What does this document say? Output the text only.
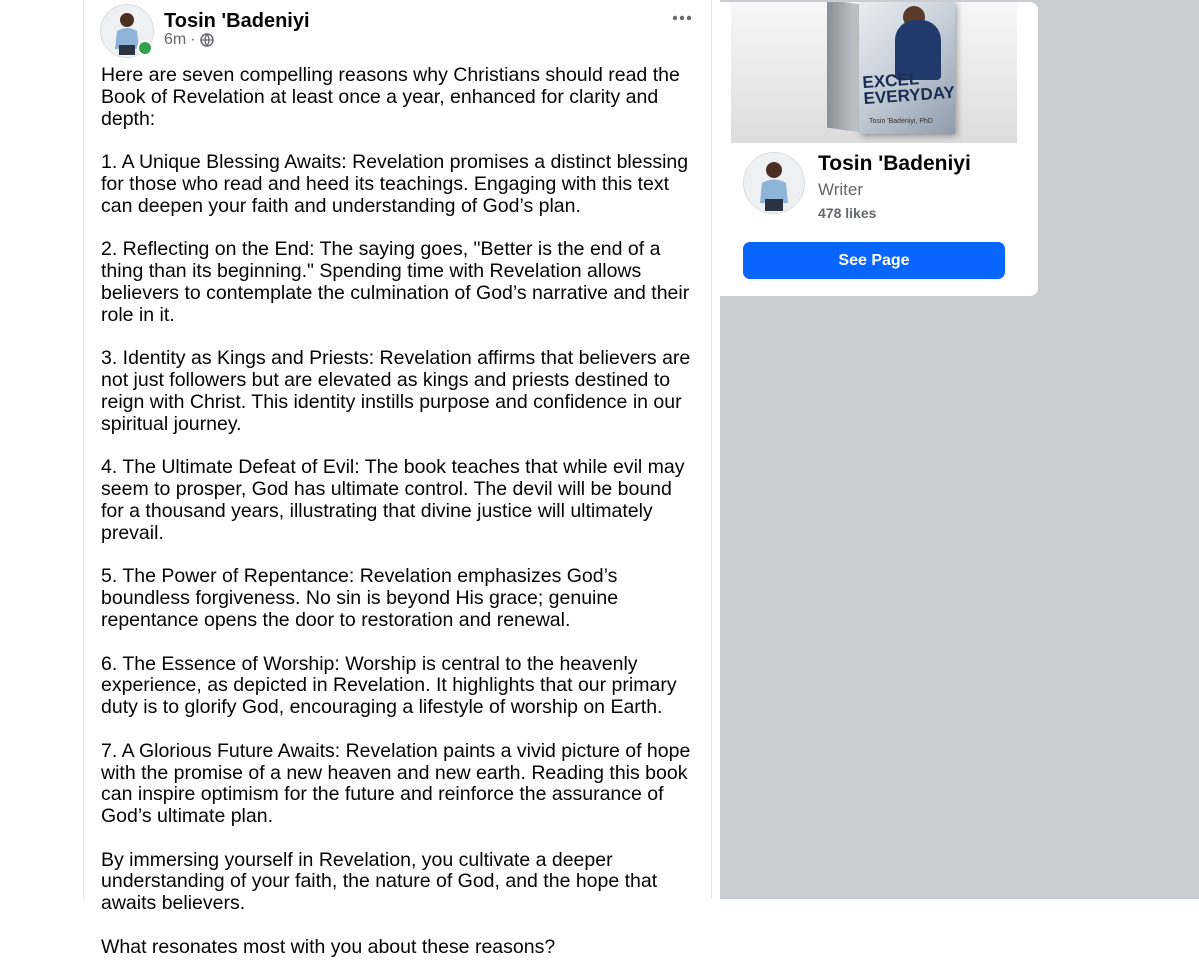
Tosin 'Badeniyi
6m ·

Here are seven compelling reasons why Christians should read the Book of Revelation at least once a year, enhanced for clarity and depth:

1. A Unique Blessing Awaits: Revelation promises a distinct blessing for those who read and heed its teachings. Engaging with this text can deepen your faith and understanding of God’s plan.

2. Reflecting on the End: The saying goes, "Better is the end of a thing than its beginning." Spending time with Revelation allows believers to contemplate the culmination of God’s narrative and their role in it.

3. Identity as Kings and Priests: Revelation affirms that believers are not just followers but are elevated as kings and priests destined to reign with Christ. This identity instills purpose and confidence in our spiritual journey.

4. The Ultimate Defeat of Evil: The book teaches that while evil may seem to prosper, God has ultimate control. The devil will be bound for a thousand years, illustrating that divine justice will ultimately prevail.

5. The Power of Repentance: Revelation emphasizes God’s boundless forgiveness. No sin is beyond His grace; genuine repentance opens the door to restoration and renewal.

6. The Essence of Worship: Worship is central to the heavenly experience, as depicted in Revelation. It highlights that our primary duty is to glorify God, encouraging a lifestyle of worship on Earth.

7. A Glorious Future Awaits: Revelation paints a vivid picture of hope with the promise of a new heaven and new earth. Reading this book can inspire optimism for the future and reinforce the assurance of God’s ultimate plan.

By immersing yourself in Revelation, you cultivate a deeper understanding of your faith, the nature of God, and the hope that awaits believers.

What resonates most with you about these reasons?

EXCEL EVERYDAY
Tosin 'Badeniyi, PhD
Tosin 'Badeniyi
Writer
478 likes
See Page
